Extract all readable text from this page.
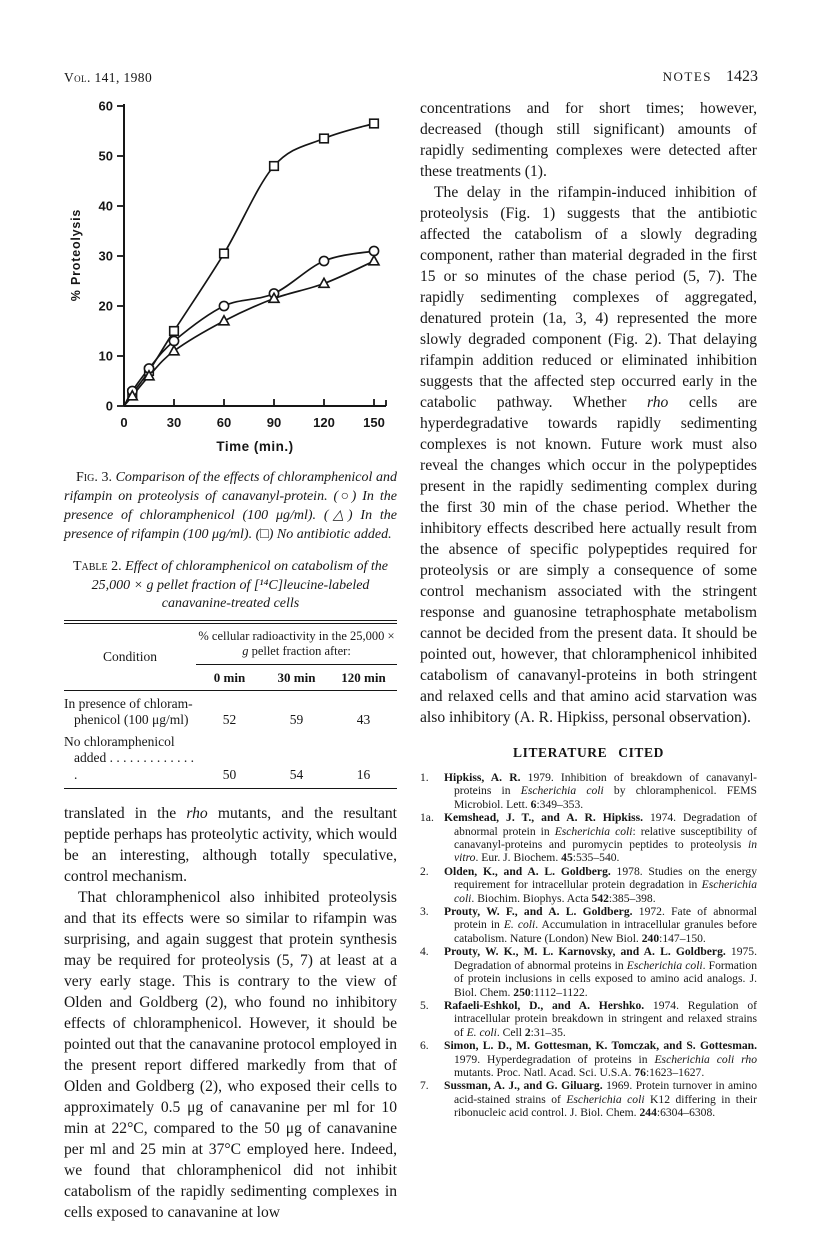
Vol. 141, 1980	NOTES 1423
0
10
20
30
40
50
60
0	30	60	90 120 150
% Proteolysis
Time (min.)
Fig. 3. Comparison of the effects of chloramphenicol and rifampin on proteolysis of canavanyl-protein. (○) In the presence of chloramphenicol (100 μg/ml). (△) In the presence of rifampin (100 μg/ml). (□) No antibiotic added.
Table 2. Effect of chloramphenicol on catabolism of the 25,000 × g pellet fraction of [¹⁴C]leucine-labeled canavanine-treated cells
Condition
% cellular radioactivity in the 25,000 × g pellet fraction after:
0 min	30 min	120 min
In presence of chloram-
phenicol (100 μg/ml)	52	59	43
No chloramphenicol
added . . . . . . . . . . . . . .	50	54	16
translated in the rho mutants, and the resultant peptide perhaps has proteolytic activity, which would be an interesting, although totally speculative, control mechanism.
That chloramphenicol also inhibited proteolysis and that its effects were so similar to rifampin was surprising, and again suggest that protein synthesis may be required for proteolysis (5, 7) at least at a very early stage. This is contrary to the view of Olden and Goldberg (2), who found no inhibitory effects of chloramphenicol. However, it should be pointed out that the canavanine protocol employed in the present report differed markedly from that of Olden and Goldberg (2), who exposed their cells to approximately 0.5 μg of canavanine per ml for 10 min at 22°C, compared to the 50 μg of canavanine per ml and 25 min at 37°C employed here. Indeed, we found that chloramphenicol did not inhibit catabolism of the rapidly sedimenting complexes in cells exposed to canavanine at low
concentrations and for short times; however, decreased (though still significant) amounts of rapidly sedimenting complexes were detected after these treatments (1).
The delay in the rifampin-induced inhibition of proteolysis (Fig. 1) suggests that the antibiotic affected the catabolism of a slowly degrading component, rather than material degraded in the first 15 or so minutes of the chase period (5, 7). The rapidly sedimenting complexes of aggregated, denatured protein (1a, 3, 4) represented the more slowly degraded component (Fig. 2). That delaying rifampin addition reduced or eliminated inhibition suggests that the affected step occurred early in the catabolic pathway. Whether rho cells are hyperdegradative towards rapidly sedimenting complexes is not known. Future work must also reveal the changes which occur in the polypeptides present in the rapidly sedimenting complex during the first 30 min of the chase period. Whether the inhibitory effects described here actually result from the absence of specific polypeptides required for proteolysis or are simply a consequence of some control mechanism associated with the stringent response and guanosine tetraphosphate metabolism cannot be decided from the present data. It should be pointed out, however, that chloramphenicol inhibited catabolism of canavanyl-proteins in both stringent and relaxed cells and that amino acid starvation was also inhibitory (A. R. Hipkiss, personal observation).
LITERATURE CITED
1. Hipkiss, A. R. 1979. Inhibition of breakdown of canavanyl-proteins in Escherichia coli by chloramphenicol. FEMS Microbiol. Lett. 6:349–353.
1a. Kemshead, J. T., and A. R. Hipkiss. 1974. Degradation of abnormal protein in Escherichia coli: relative susceptibility of canavanyl-proteins and puromycin peptides to proteolysis in vitro. Eur. J. Biochem. 45:535–540.
2. Olden, K., and A. L. Goldberg. 1978. Studies on the energy requirement for intracellular protein degradation in Escherichia coli. Biochim. Biophys. Acta 542:385–398.
3. Prouty, W. F., and A. L. Goldberg. 1972. Fate of abnormal protein in E. coli. Accumulation in intracellular granules before catabolism. Nature (London) New Biol. 240:147–150.
4. Prouty, W. K., M. L. Karnovsky, and A. L. Goldberg. 1975. Degradation of abnormal proteins in Escherichia coli. Formation of protein inclusions in cells exposed to amino acid analogs. J. Biol. Chem. 250:1112–1122.
5. Rafaeli-Eshkol, D., and A. Hershko. 1974. Regulation of intracellular protein breakdown in stringent and relaxed strains of E. coli. Cell 2:31–35.
6. Simon, L. D., M. Gottesman, K. Tomczak, and S. Gottesman. 1979. Hyperdegradation of proteins in Escherichia coli rho mutants. Proc. Natl. Acad. Sci. U.S.A. 76:1623–1627.
7. Sussman, A. J., and G. Giluarg. 1969. Protein turnover in amino acid-stained strains of Escherichia coli K12 differing in their ribonucleic acid control. J. Biol. Chem. 244:6304–6308.
